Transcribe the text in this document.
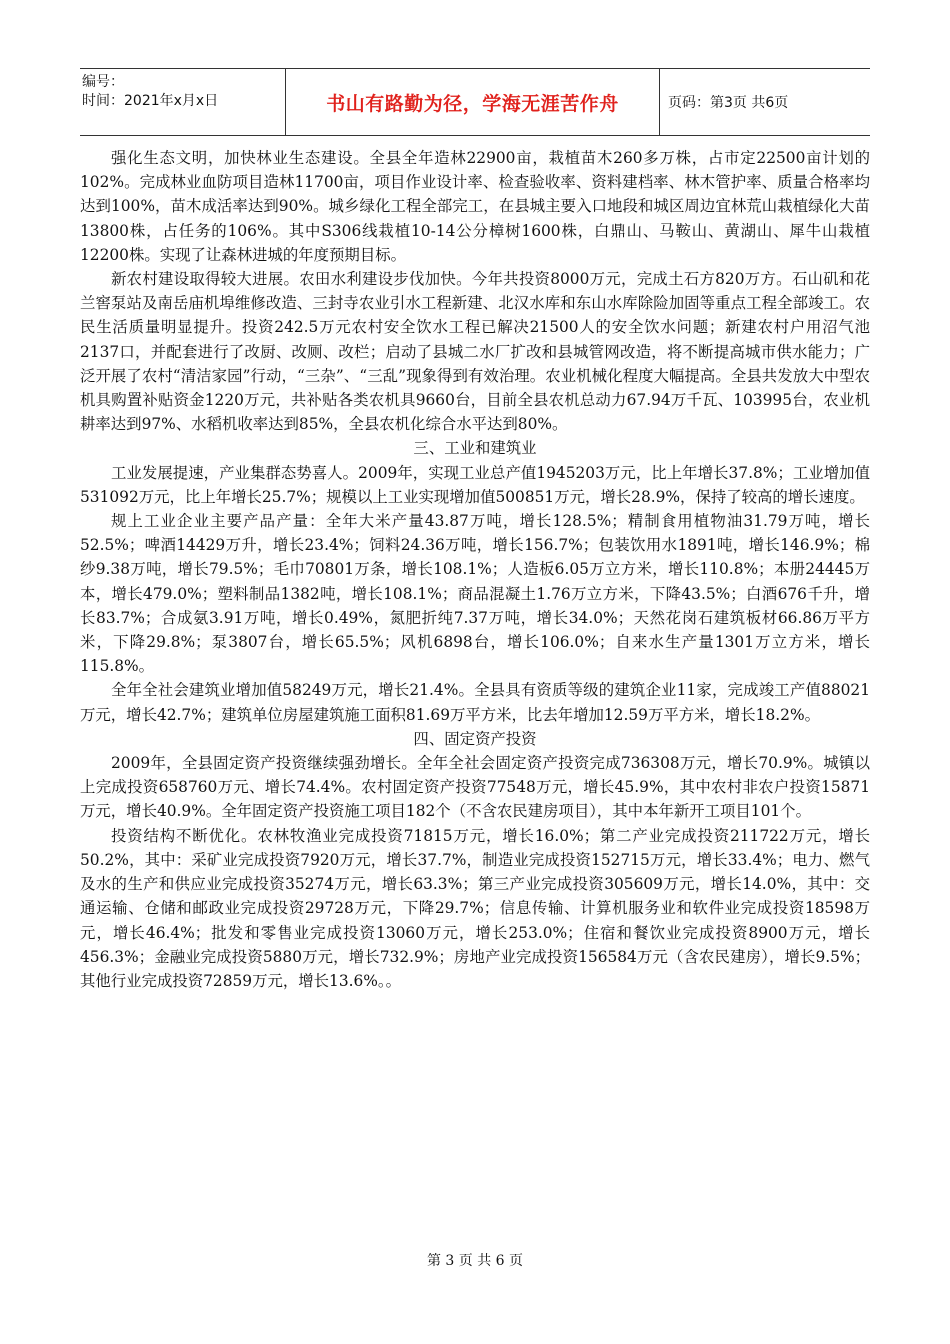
编号：
时间：2021年x月x日	书山有路勤为径，学海无涯苦作舟	页码：第3页 共6页

强化生态文明，加快林业生态建设。全县全年造林22900亩，栽植苗木260多万株，占市定22500亩计划的102%。完成林业血防项目造林11700亩，项目作业设计率、检查验收率、资料建档率、林木管护率、质量合格率均达到100%，苗木成活率达到90%。城乡绿化工程全部完工，在县城主要入口地段和城区周边宜林荒山栽植绿化大苗13800株，占任务的106%。其中S306线栽植10-14公分樟树1600株，白鼎山、马鞍山、黄湖山、犀牛山栽植12200株。实现了让森林进城的年度预期目标。

新农村建设取得较大进展。农田水利建设步伐加快。今年共投资8000万元，完成土石方820万方。石山矶和花兰窖泵站及南岳庙机埠维修改造、三封寺农业引水工程新建、北汉水库和东山水库除险加固等重点工程全部竣工。农民生活质量明显提升。投资242.5万元农村安全饮水工程已解决21500人的安全饮水问题；新建农村户用沼气池2137口，并配套进行了改厨、改厕、改栏；启动了县城二水厂扩改和县城管网改造，将不断提高城市供水能力；广泛开展了农村“清洁家园”行动，“三杂”、“三乱”现象得到有效治理。农业机械化程度大幅提高。全县共发放大中型农机具购置补贴资金1220万元，共补贴各类农机具9660台，目前全县农机总动力67.94万千瓦、103995台，农业机耕率达到97%、水稻机收率达到85%，全县农机化综合水平达到80%。

三、工业和建筑业

工业发展提速，产业集群态势喜人。2009年，实现工业总产值1945203万元，比上年增长37.8%；工业增加值531092万元，比上年增长25.7%；规模以上工业实现增加值500851万元，增长28.9%，保持了较高的增长速度。

规上工业企业主要产品产量：全年大米产量43.87万吨，增长128.5%；精制食用植物油31.79万吨，增长52.5%；啤酒14429万升，增长23.4%；饲料24.36万吨，增长156.7%；包装饮用水1891吨，增长146.9%；棉纱9.38万吨，增长79.5%；毛巾70801万条，增长108.1%；人造板6.05万立方米，增长110.8%；本册24445万本，增长479.0%；塑料制品1382吨，增长108.1%；商品混凝土1.76万立方米，下降43.5%；白酒676千升，增长83.7%；合成氨3.91万吨，增长0.49%，氮肥折纯7.37万吨，增长34.0%；天然花岗石建筑板材66.86万平方米，下降29.8%；泵3807台，增长65.5%；风机6898台，增长106.0%；自来水生产量1301万立方米，增长115.8%。

全年全社会建筑业增加值58249万元，增长21.4%。全县具有资质等级的建筑企业11家，完成竣工产值88021万元，增长42.7%；建筑单位房屋建筑施工面积81.69万平方米，比去年增加12.59万平方米，增长18.2%。

四、固定资产投资

2009年，全县固定资产投资继续强劲增长。全年全社会固定资产投资完成736308万元，增长70.9%。城镇以上完成投资658760万元、增长74.4%。农村固定资产投资77548万元，增长45.9%，其中农村非农户投资15871万元，增长40.9%。全年固定资产投资施工项目182个（不含农民建房项目），其中本年新开工项目101个。

投资结构不断优化。农林牧渔业完成投资71815万元，增长16.0%；第二产业完成投资211722万元，增长50.2%，其中：采矿业完成投资7920万元，增长37.7%，制造业完成投资152715万元，增长33.4%；电力、燃气及水的生产和供应业完成投资35274万元，增长63.3%；第三产业完成投资305609万元，增长14.0%，其中：交通运输、仓储和邮政业完成投资29728万元，下降29.7%；信息传输、计算机服务业和软件业完成投资18598万元，增长46.4%；批发和零售业完成投资13060万元，增长253.0%；住宿和餐饮业完成投资8900万元，增长456.3%；金融业完成投资5880万元，增长732.9%；房地产业完成投资156584万元（含农民建房），增长9.5%；其他行业完成投资72859万元，增长13.6%。。

第 3 页 共 6 页
